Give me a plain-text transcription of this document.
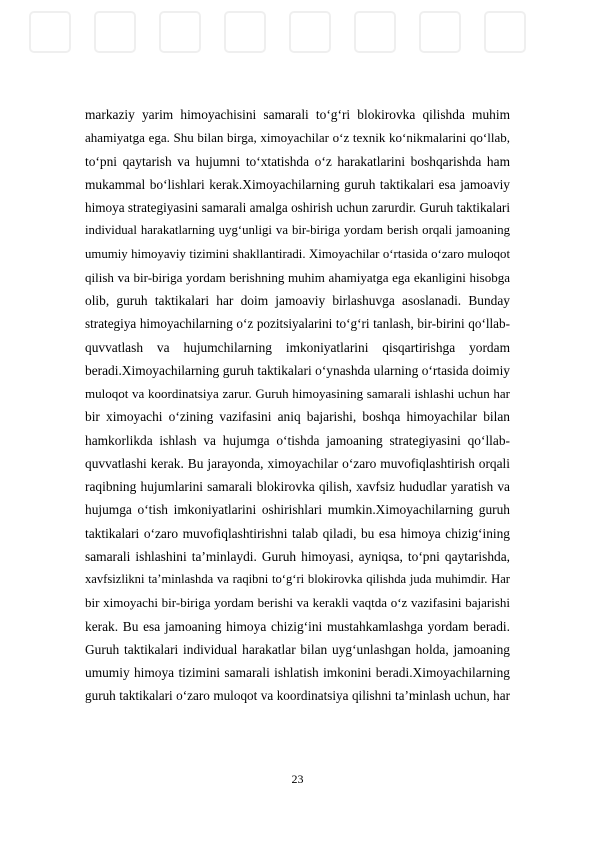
markaziy yarim himoyachisini samarali to‘g‘ri blokirovka qilishda muhim
ahamiyatga ega. Shu bilan birga, ximoyachilar o‘z texnik ko‘nikmalarini qo‘llab,
to‘pni qaytarish va hujumni to‘xtatishda o‘z harakatlarini boshqarishda ham
mukammal bo‘lishlari kerak.Ximoyachilarning guruh taktikalari esa jamoaviy
himoya strategiyasini samarali amalga oshirish uchun zarurdir. Guruh taktikalari
individual harakatlarning uyg‘unligi va bir-biriga yordam berish orqali jamoaning
umumiy himoyaviy tizimini shakllantiradi. Ximoyachilar o‘rtasida o‘zaro muloqot
qilish va bir-biriga yordam berishning muhim ahamiyatga ega ekanligini hisobga
olib, guruh taktikalari har doim jamoaviy birlashuvga asoslanadi. Bunday
strategiya himoyachilarning o‘z pozitsiyalarini to‘g‘ri tanlash, bir-birini qo‘llab-
quvvatlash va hujumchilarning imkoniyatlarini qisqartirishga yordam
beradi.Ximoyachilarning guruh taktikalari o‘ynashda ularning o‘rtasida doimiy
muloqot va koordinatsiya zarur. Guruh himoyasining samarali ishlashi uchun har
bir ximoyachi o‘zining vazifasini aniq bajarishi, boshqa himoyachilar bilan
hamkorlikda ishlash va hujumga o‘tishda jamoaning strategiyasini qo‘llab-
quvvatlashi kerak. Bu jarayonda, ximoyachilar o‘zaro muvofiqlashtirish orqali
raqibning hujumlarini samarali blokirovka qilish, xavfsiz hududlar yaratish va
hujumga o‘tish imkoniyatlarini oshirishlari mumkin.Ximoyachilarning guruh
taktikalari o‘zaro muvofiqlashtirishni talab qiladi, bu esa himoya chizig‘ining
samarali ishlashini ta’minlaydi. Guruh himoyasi, ayniqsa, to‘pni qaytarishda,
xavfsizlikni ta’minlashda va raqibni to‘g‘ri blokirovka qilishda juda muhimdir. Har
bir ximoyachi bir-biriga yordam berishi va kerakli vaqtda o‘z vazifasini bajarishi
kerak. Bu esa jamoaning himoya chizig‘ini mustahkamlashga yordam beradi.
Guruh taktikalari individual harakatlar bilan uyg‘unlashgan holda, jamoaning
umumiy himoya tizimini samarali ishlatish imkonini beradi.Ximoyachilarning
guruh taktikalari o‘zaro muloqot va koordinatsiya qilishni ta’minlash uchun, har
23
